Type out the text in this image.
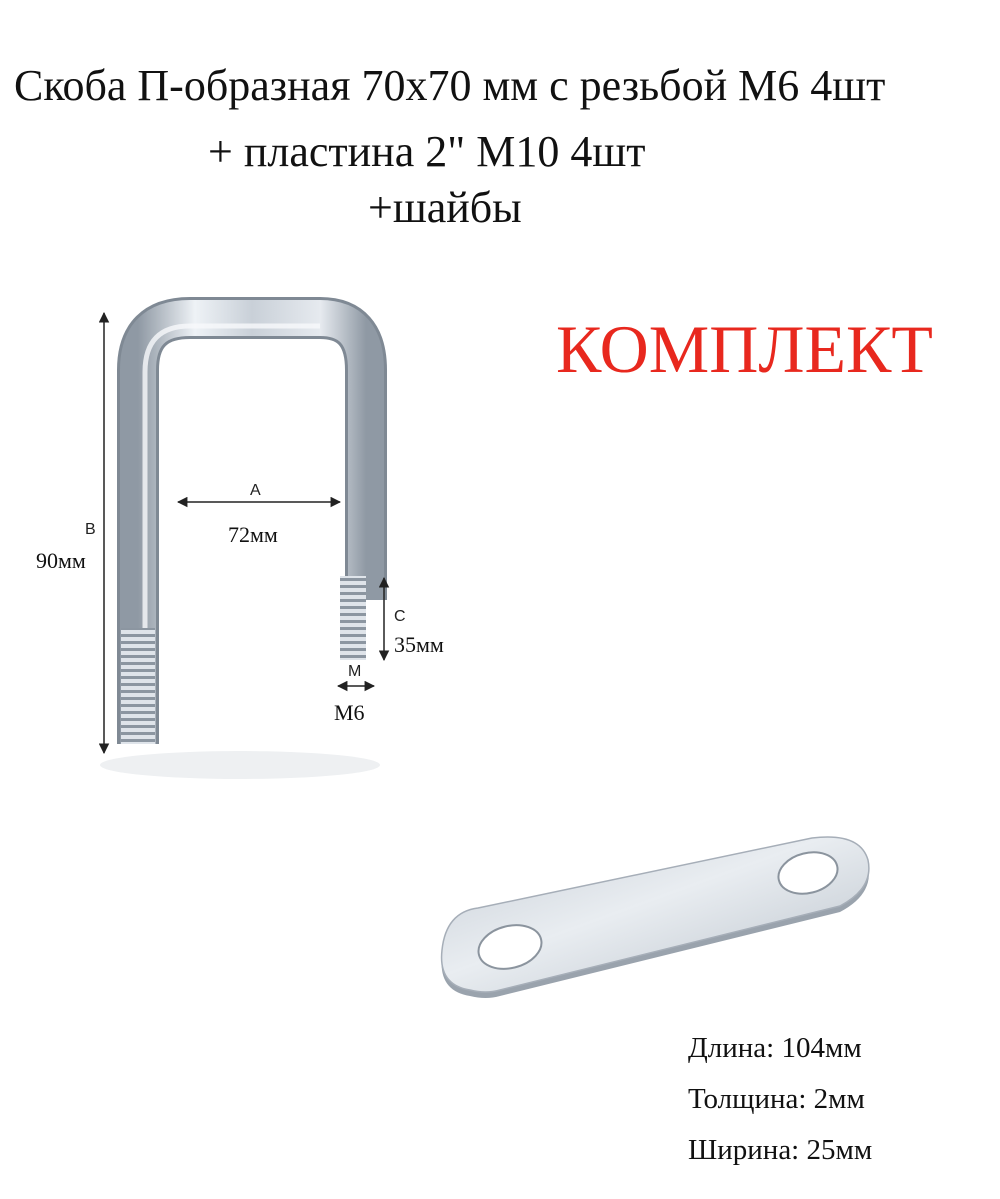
Скоба П-образная 70x70 мм с резьбой М6 4шт
+ пластина 2" М10 4шт
+шайбы
КОМПЛЕКТ
B
90мм
A
72мм
C
35мм
M
М6
Длина: 104мм
Толщина: 2мм
Ширина: 25мм
